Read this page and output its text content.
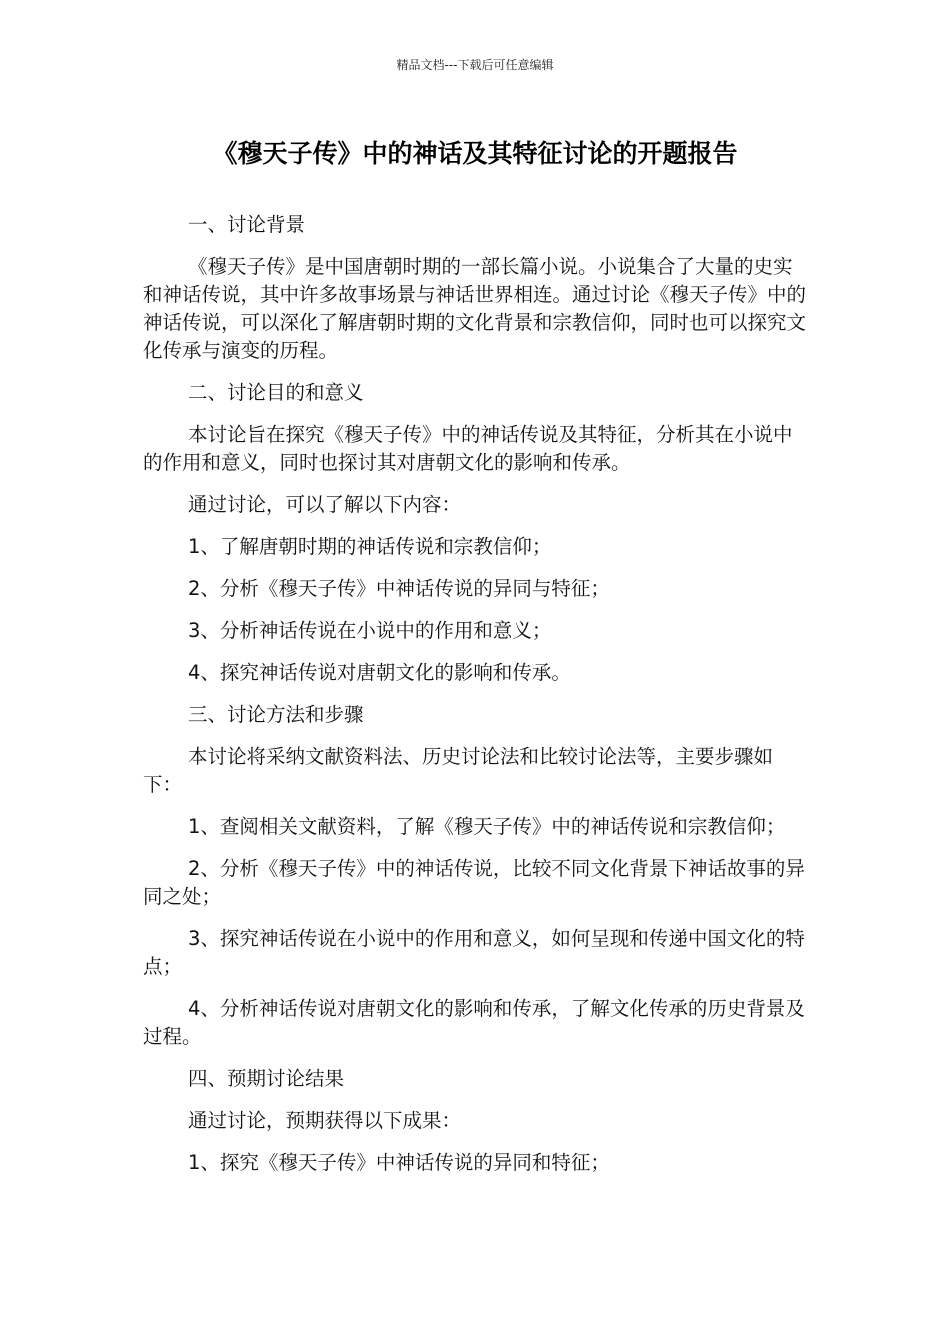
精品文档---下载后可任意编辑
《穆天子传》中的神话及其特征讨论的开题报告

一、讨论背景

《穆天子传》是中国唐朝时期的一部长篇小说。小说集合了大量的史实和神话传说，其中许多故事场景与神话世界相连。通过讨论《穆天子传》中的神话传说，可以深化了解唐朝时期的文化背景和宗教信仰，同时也可以探究文化传承与演变的历程。

二、讨论目的和意义

本讨论旨在探究《穆天子传》中的神话传说及其特征，分析其在小说中的作用和意义，同时也探讨其对唐朝文化的影响和传承。

通过讨论，可以了解以下内容：

1、了解唐朝时期的神话传说和宗教信仰；

2、分析《穆天子传》中神话传说的异同与特征；

3、分析神话传说在小说中的作用和意义；

4、探究神话传说对唐朝文化的影响和传承。

三、讨论方法和步骤

本讨论将采纳文献资料法、历史讨论法和比较讨论法等，主要步骤如下：

1、查阅相关文献资料，了解《穆天子传》中的神话传说和宗教信仰；

2、分析《穆天子传》中的神话传说，比较不同文化背景下神话故事的异同之处；

3、探究神话传说在小说中的作用和意义，如何呈现和传递中国文化的特点；

4、分析神话传说对唐朝文化的影响和传承，了解文化传承的历史背景及过程。

四、预期讨论结果

通过讨论，预期获得以下成果：

1、探究《穆天子传》中神话传说的异同和特征；
